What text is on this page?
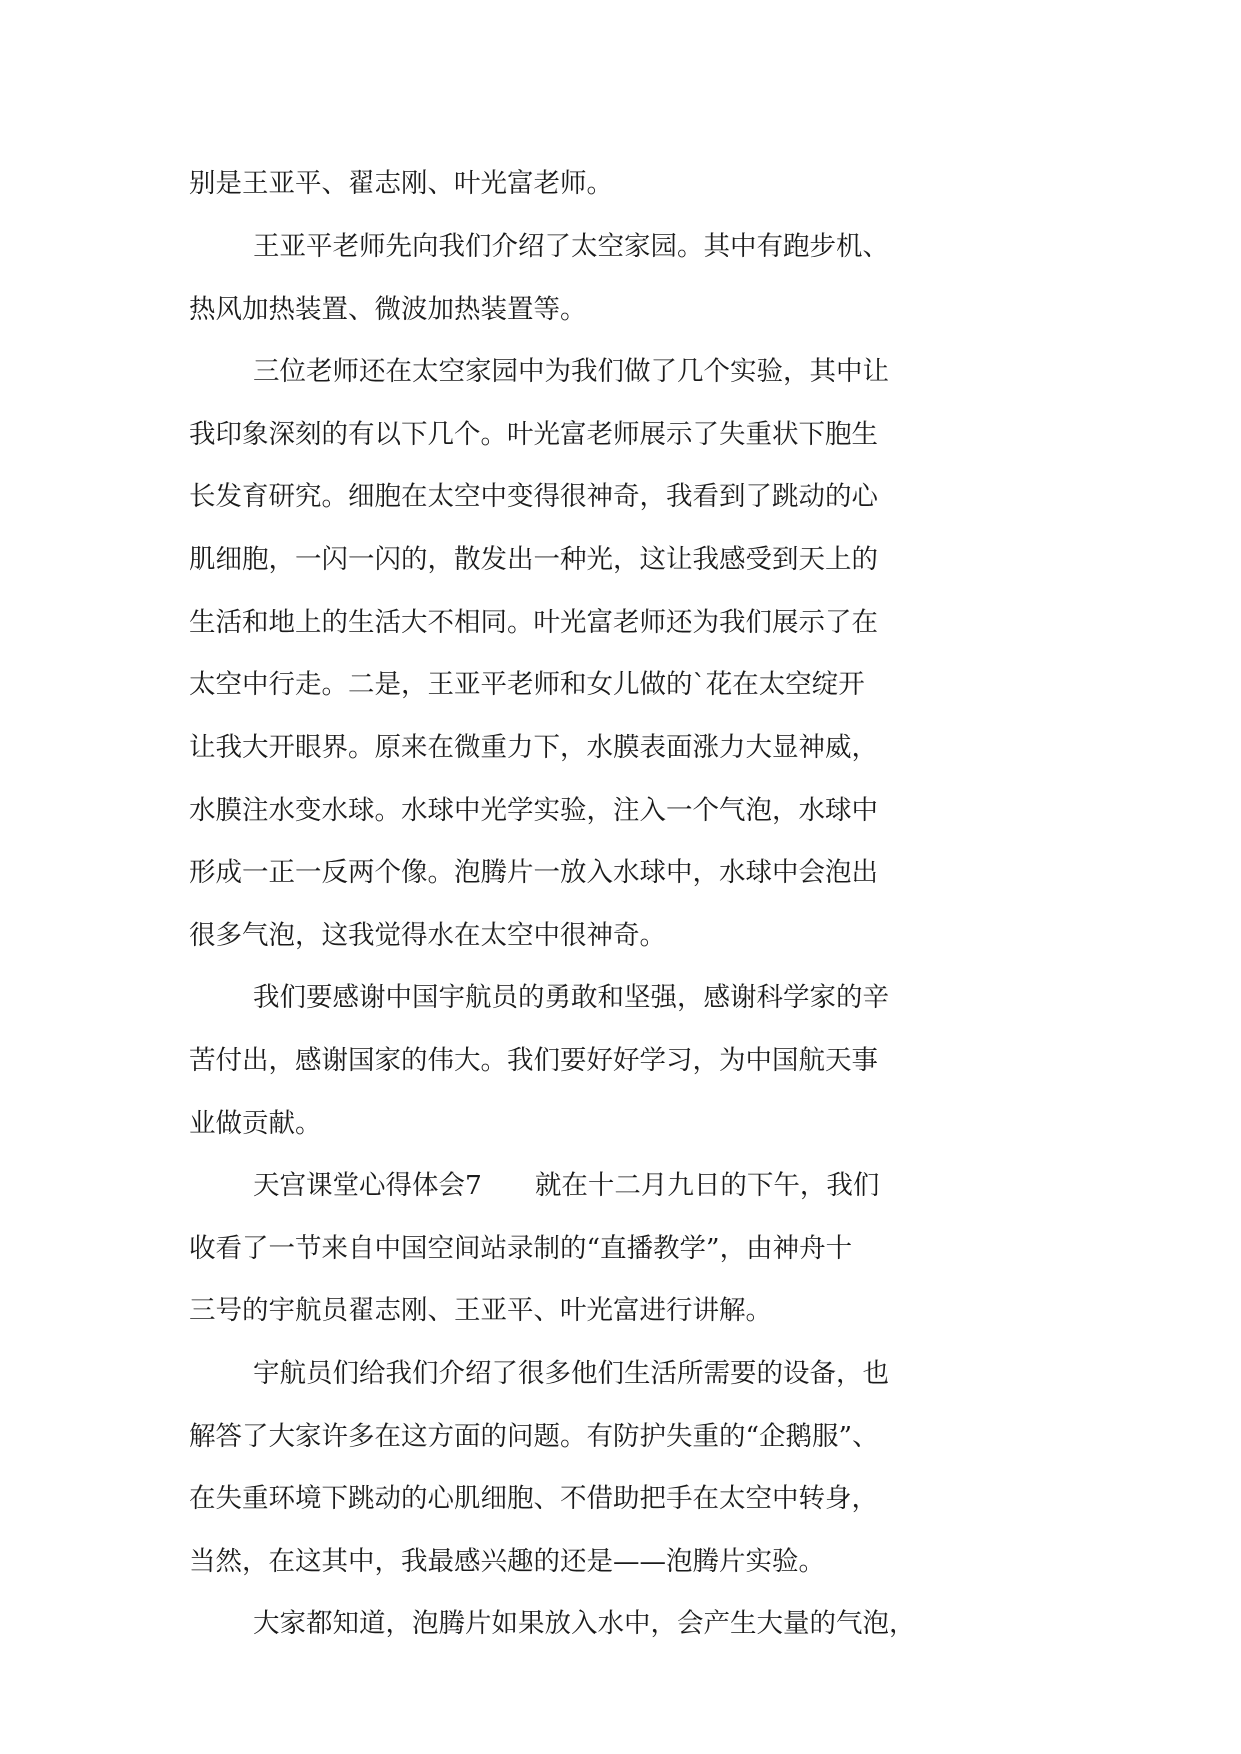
别是王亚平、翟志刚、叶光富老师。
王亚平老师先向我们介绍了太空家园。其中有跑步机、
热风加热装置、微波加热装置等。
三位老师还在太空家园中为我们做了几个实验，其中让
我印象深刻的有以下几个。叶光富老师展示了失重状下胞生
长发育研究。细胞在太空中变得很神奇，我看到了跳动的心
肌细胞，一闪一闪的，散发出一种光，这让我感受到天上的
生活和地上的生活大不相同。叶光富老师还为我们展示了在
太空中行走。二是，王亚平老师和女儿做的`花在太空绽开
让我大开眼界。原来在微重力下，水膜表面涨力大显神威，
水膜注水变水球。水球中光学实验，注入一个气泡，水球中
形成一正一反两个像。泡腾片一放入水球中，水球中会泡出
很多气泡，这我觉得水在太空中很神奇。
我们要感谢中国宇航员的勇敢和坚强，感谢科学家的辛
苦付出，感谢国家的伟大。我们要好好学习，为中国航天事
业做贡献。
天宫课堂心得体会7　　就在十二月九日的下午，我们
收看了一节来自中国空间站录制的“直播教学”，由神舟十
三号的宇航员翟志刚、王亚平、叶光富进行讲解。
宇航员们给我们介绍了很多他们生活所需要的设备，也
解答了大家许多在这方面的问题。有防护失重的“企鹅服”、
在失重环境下跳动的心肌细胞、不借助把手在太空中转身，
当然，在这其中，我最感兴趣的还是——泡腾片实验。
大家都知道，泡腾片如果放入水中，会产生大量的气泡，
